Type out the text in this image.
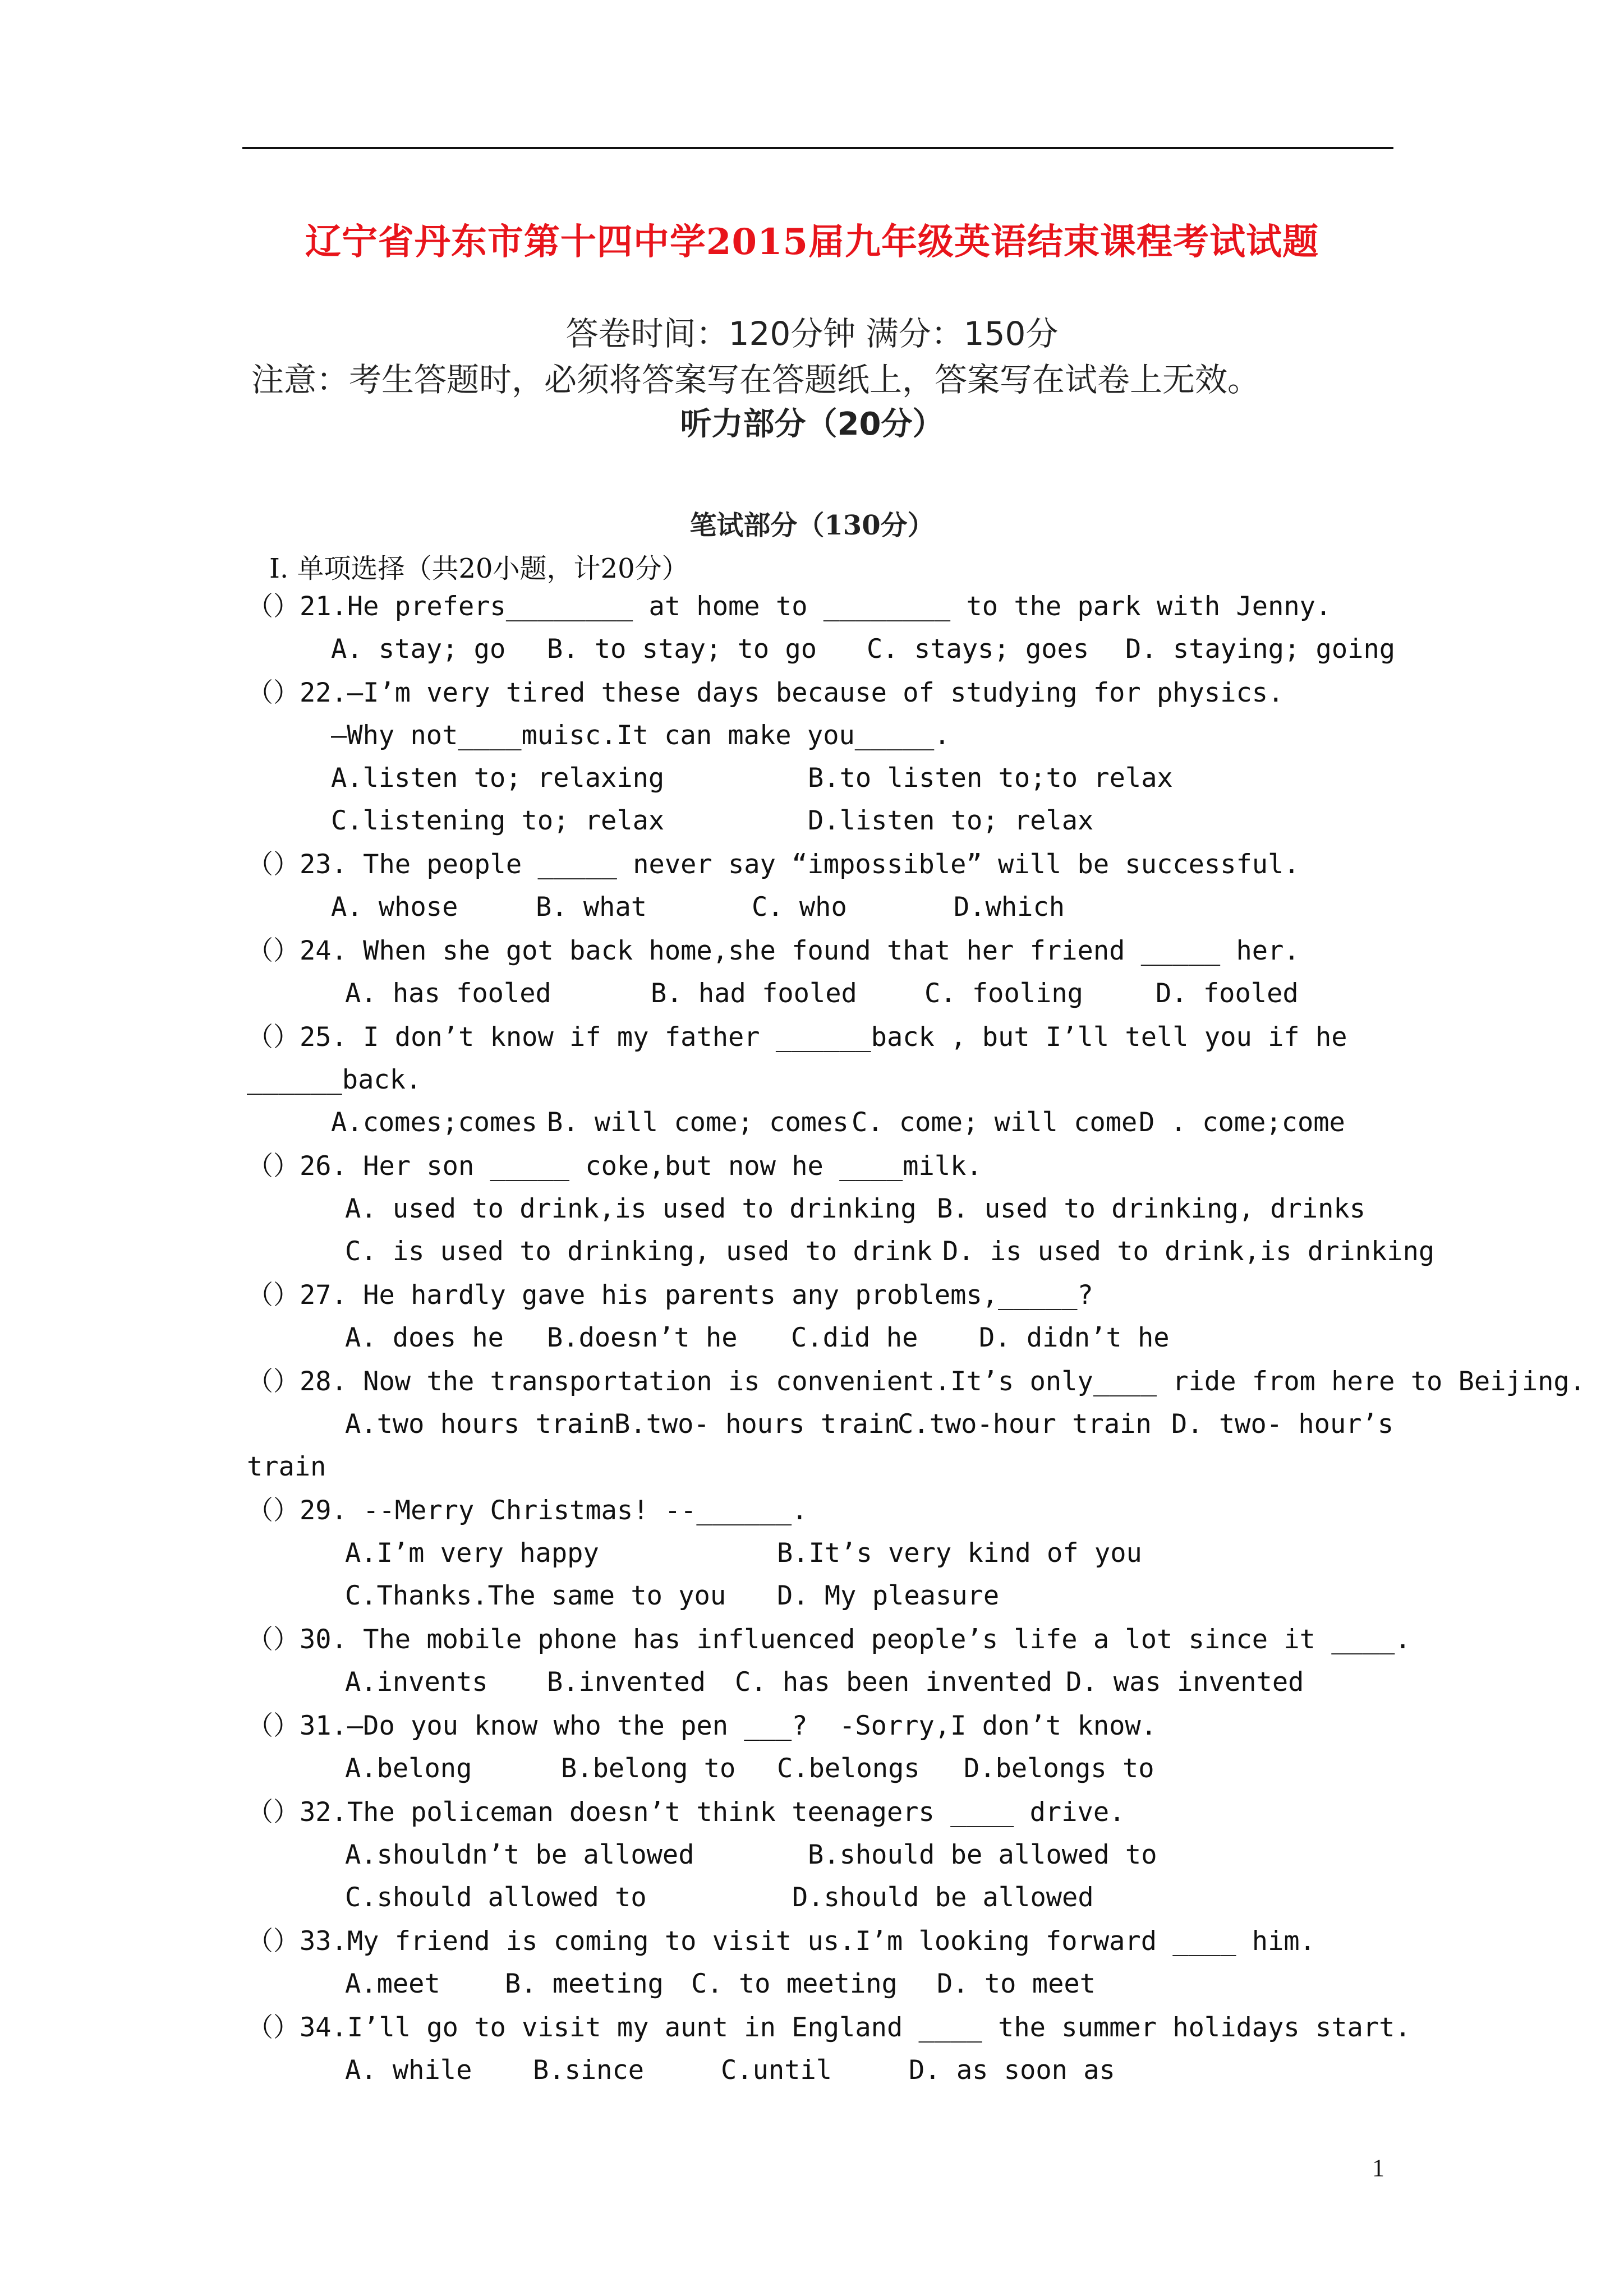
辽宁省丹东市第十四中学2015届九年级英语结束课程考试试题
答卷时间：120分钟 满分：150分
注意：考生答题时，必须将答案写在答题纸上，答案写在试卷上无效。
听力部分（20分）
笔试部分（130分）
I. 单项选择（共20小题，计20分）
（）21.He prefers________ at home to ________ to the park with Jenny.
A. stay; go B. to stay; to go C. stays; goes D. staying; going
（）22.—I’m very tired these days because of studying for physics.
—Why not____muisc.It can make you_____.
A.listen to; relaxing	B.to listen to;to relax
C.listening to; relax	D.listen to; relax
（）23. The people _____ never say “impossible” will be successful.
A. whose	B. what	C. who	D.which
（）24. When she got back home,she found that her friend _____ her.
A. has fooled	B. had fooled	C. fooling	D. fooled
（）25. I don’t know if my father ______back , but I’ll tell you if he
______back.
A.comes;comes B. will come; comes C. come; will come D . come;come
（）26. Her son _____ coke,but now he ____milk.
A. used to drink,is used to drinking B. used to drinking, drinks
C. is used to drinking, used to drink D. is used to drink,is drinking
（）27. He hardly gave his parents any problems,_____?
A. does he B.doesn’t he C.did he D. didn’t he
（）28. Now the transportation is convenient.It’s only____ ride from here to Beijing.
A.two hours train
B.two- hours train
C.two-hour train D. two- hour’s
train
（）29. --Merry Christmas! --______.
A.I’m very happy	B.It’s very kind of you
C.Thanks.The same to you D. My pleasure
（）30. The mobile phone has influenced people’s life a lot since it ____.
A.invents B.invented C. has been invented D. was invented
（）31.—Do you know who the pen ___?  -Sorry,I don’t know.
A.belong	B.belong to C.belongs D.belongs to
（）32.The policeman doesn’t think teenagers ____ drive.
A.shouldn’t be allowed	B.should be allowed to
C.should allowed to	D.should be allowed
（）33.My friend is coming to visit us.I’m looking forward ____ him.
A.meet B. meeting C. to meeting D. to meet
（）34.I’ll go to visit my aunt in England ____ the summer holidays start.
A. while B.since	C.until	D. as soon as
1
